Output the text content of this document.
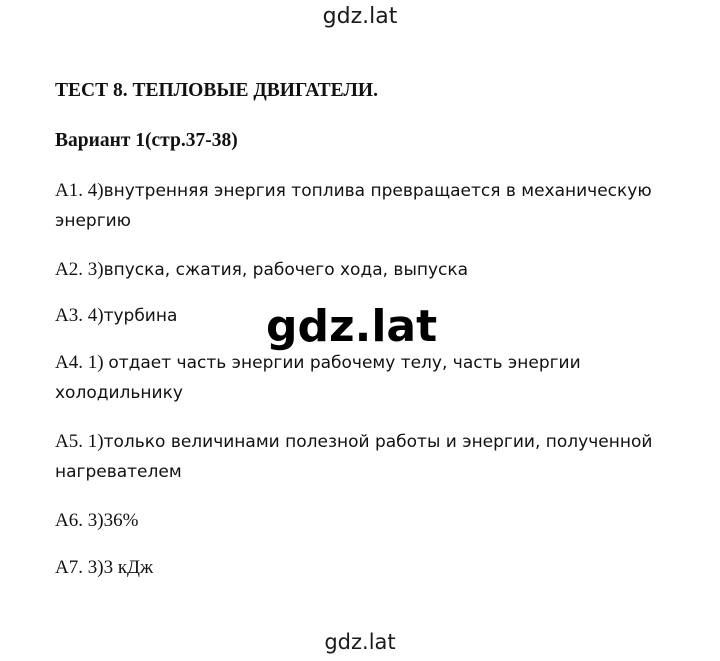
gdz.lat
ТЕСТ 8. ТЕПЛОВЫЕ ДВИГАТЕЛИ.
Вариант 1(стр.37-38)
А1. 4)внутренняя энергия топлива превращается в механическую энергию
А2. 3)впуска, сжатия, рабочего хода, выпуска
А3. 4)турбина
А4. 1) отдает часть энергии рабочему телу, часть энергии холодильнику
А5. 1)только величинами полезной работы и энергии, полученной нагревателем
А6. 3)36%
А7. 3)3 кДж
gdz.lat
gdz.lat
